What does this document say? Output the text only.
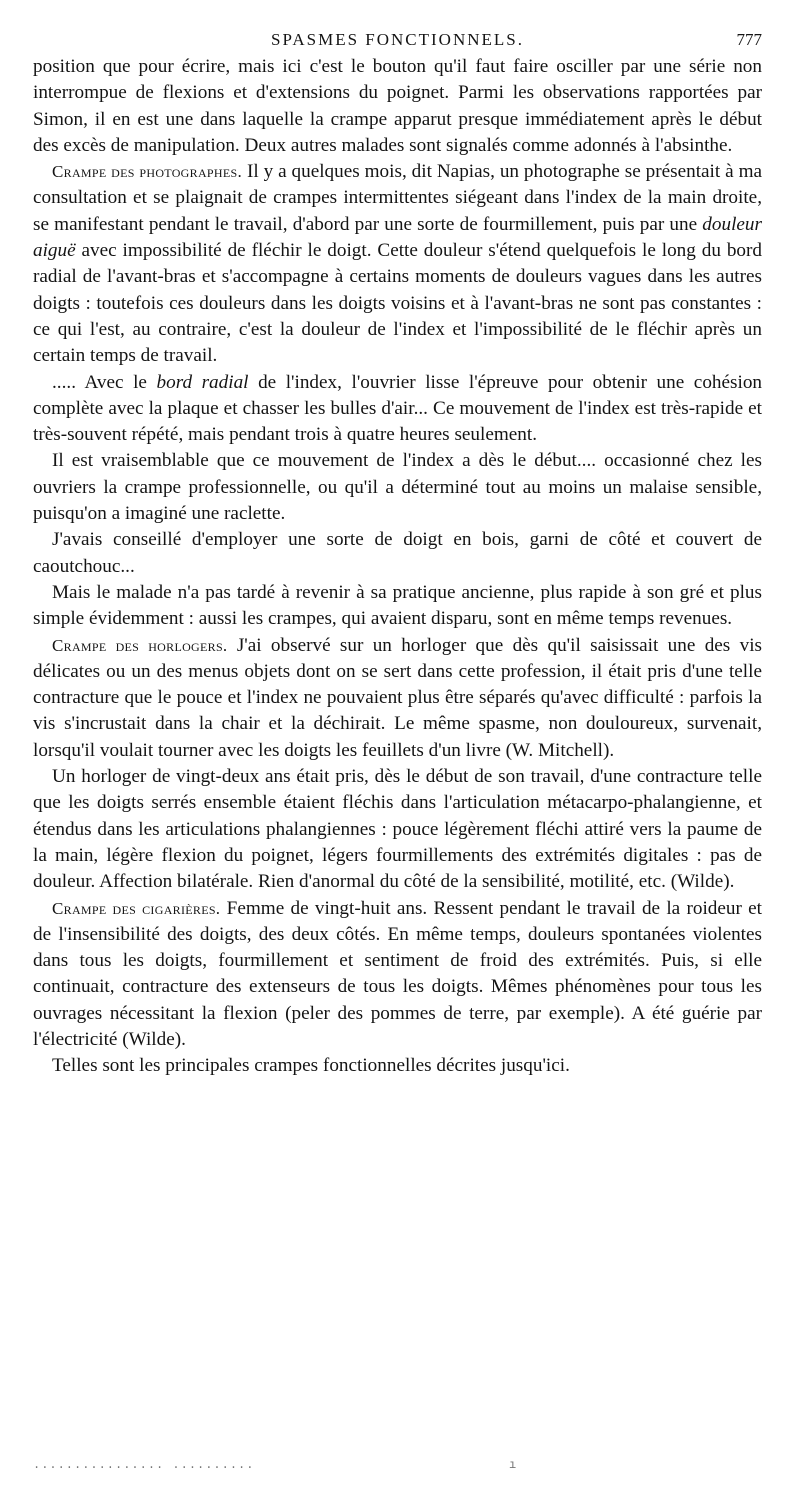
SPASMES FONCTIONNELS.	777

position que pour écrire, mais ici c'est le bouton qu'il faut faire osciller par une série non interrompue de flexions et d'extensions du poignet. Parmi les observations rapportées par Simon, il en est une dans laquelle la crampe apparut presque immédiatement après le début des excès de manipulation. Deux autres malades sont signalés comme adonnés à l'absinthe.

Crampe des photographes. Il y a quelques mois, dit Napias, un photographe se présentait à ma consultation et se plaignait de crampes intermittentes siégeant dans l'index de la main droite, se manifestant pendant le travail, d'abord par une sorte de fourmillement, puis par une douleur aiguë avec impossibilité de fléchir le doigt. Cette douleur s'étend quelquefois le long du bord radial de l'avant-bras et s'accompagne à certains moments de douleurs vagues dans les autres doigts : toutefois ces douleurs dans les doigts voisins et à l'avant-bras ne sont pas constantes : ce qui l'est, au contraire, c'est la douleur de l'index et l'impossibilité de le fléchir après un certain temps de travail.

..... Avec le bord radial de l'index, l'ouvrier lisse l'épreuve pour obtenir une cohésion complète avec la plaque et chasser les bulles d'air... Ce mouvement de l'index est très-rapide et très-souvent répété, mais pendant trois à quatre heures seulement.

Il est vraisemblable que ce mouvement de l'index a dès le début.... occasionné chez les ouvriers la crampe professionnelle, ou qu'il a déterminé tout au moins un malaise sensible, puisqu'on a imaginé une raclette.

J'avais conseillé d'employer une sorte de doigt en bois, garni de côté et couvert de caoutchouc...

Mais le malade n'a pas tardé à revenir à sa pratique ancienne, plus rapide à son gré et plus simple évidemment : aussi les crampes, qui avaient disparu, sont en même temps revenues.

Crampe des horlogers. J'ai observé sur un horloger que dès qu'il saisissait une des vis délicates ou un des menus objets dont on se sert dans cette profession, il était pris d'une telle contracture que le pouce et l'index ne pouvaient plus être séparés qu'avec difficulté : parfois la vis s'incrustait dans la chair et la déchirait. Le même spasme, non douloureux, survenait, lorsqu'il voulait tourner avec les doigts les feuillets d'un livre (W. Mitchell).

Un horloger de vingt-deux ans était pris, dès le début de son travail, d'une contracture telle que les doigts serrés ensemble étaient fléchis dans l'articulation métacarpo-phalangienne, et étendus dans les articulations phalangiennes : pouce légèrement fléchi attiré vers la paume de la main, légère flexion du poignet, légers fourmillements des extrémités digitales : pas de douleur. Affection bilatérale. Rien d'anormal du côté de la sensibilité, motilité, etc. (Wilde).

Crampe des cigarières. Femme de vingt-huit ans. Ressent pendant le travail de la roideur et de l'insensibilité des doigts, des deux côtés. En même temps, douleurs spontanées violentes dans tous les doigts, fourmillement et sentiment de froid des extrémités. Puis, si elle continuait, contracture des extenseurs de tous les doigts. Mêmes phénomènes pour tous les ouvrages nécessitant la flexion (peler des pommes de terre, par exemple). A été guérie par l'électricité (Wilde).

Telles sont les principales crampes fonctionnelles décrites jusqu'ici.

................ ..........	ı
